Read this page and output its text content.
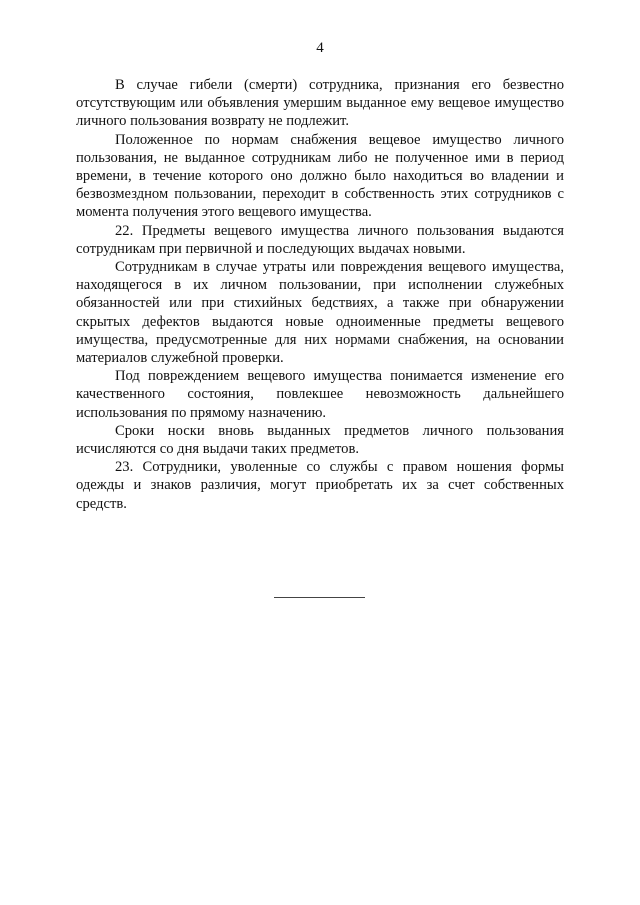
4

В случае гибели (смерти) сотрудника, признания его безвестно отсутствующим или объявления умершим выданное ему вещевое имущество личного пользования возврату не подлежит.

Положенное по нормам снабжения вещевое имущество личного пользования, не выданное сотрудникам либо не полученное ими в период времени, в течение которого оно должно было находиться во владении и безвозмездном пользовании, переходит в собственность этих сотрудников с момента получения этого вещевого имущества.

22. Предметы вещевого имущества личного пользования выдаются сотрудникам при первичной и последующих выдачах новыми.

Сотрудникам в случае утраты или повреждения вещевого имущества, находящегося в их личном пользовании, при исполнении служебных обязанностей или при стихийных бедствиях, а также при обнаружении скрытых дефектов выдаются новые одноименные предметы вещевого имущества, предусмотренные для них нормами снабжения, на основании материалов служебной проверки.

Под повреждением вещевого имущества понимается изменение его качественного состояния, повлекшее невозможность дальнейшего использования по прямому назначению.

Сроки носки вновь выданных предметов личного пользования исчисляются со дня выдачи таких предметов.

23. Сотрудники, уволенные со службы с правом ношения формы одежды и знаков различия, могут приобретать их за счет собственных средств.
